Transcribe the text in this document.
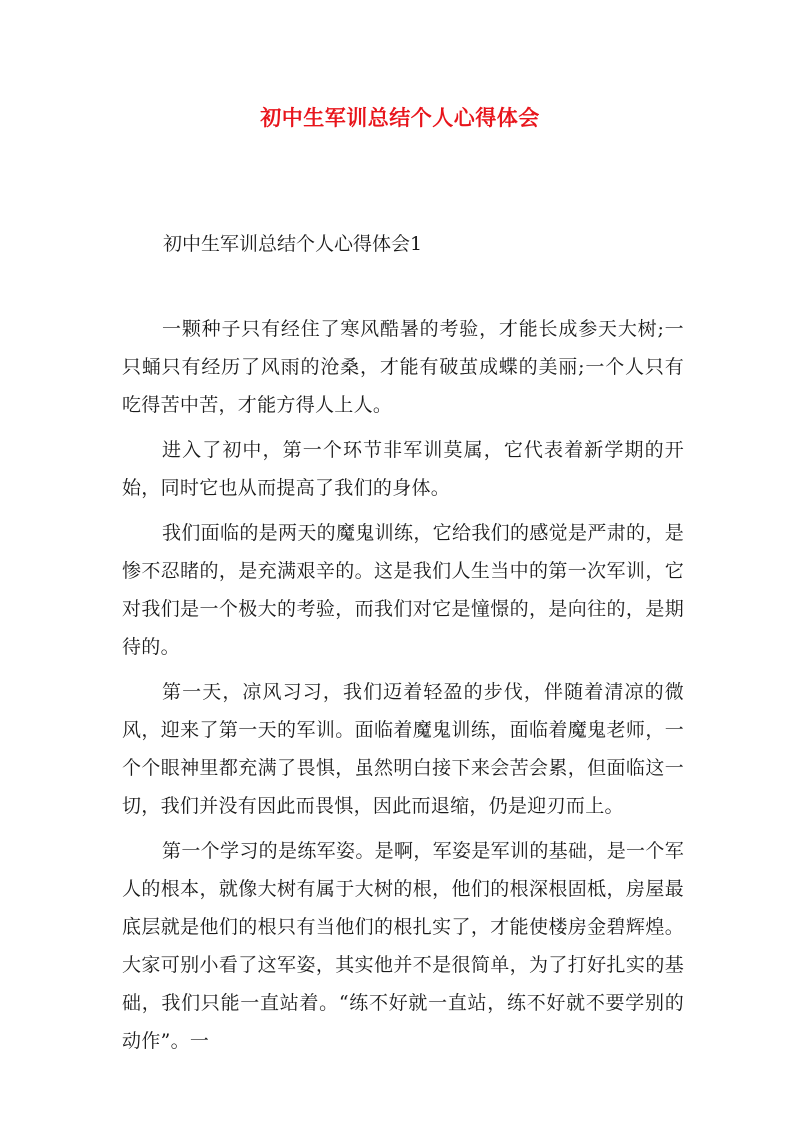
初中生军训总结个人心得体会
初中生军训总结个人心得体会1

一颗种子只有经住了寒风酷暑的考验，才能长成参天大树;一只蛹只有经历了风雨的沧桑，才能有破茧成蝶的美丽;一个人只有吃得苦中苦，才能方得人上人。

进入了初中，第一个环节非军训莫属，它代表着新学期的开始，同时它也从而提高了我们的身体。

我们面临的是两天的魔鬼训练，它给我们的感觉是严肃的，是惨不忍睹的，是充满艰辛的。这是我们人生当中的第一次军训，它对我们是一个极大的考验，而我们对它是憧憬的，是向往的，是期待的。

第一天，凉风习习，我们迈着轻盈的步伐，伴随着清凉的微风，迎来了第一天的军训。面临着魔鬼训练，面临着魔鬼老师，一个个眼神里都充满了畏惧，虽然明白接下来会苦会累，但面临这一切，我们并没有因此而畏惧，因此而退缩，仍是迎刃而上。

第一个学习的是练军姿。是啊，军姿是军训的基础，是一个军人的根本，就像大树有属于大树的根，他们的根深根固柢，房屋最底层就是他们的根只有当他们的根扎实了，才能使楼房金碧辉煌。大家可别小看了这军姿，其实他并不是很简单，为了打好扎实的基础，我们只能一直站着。“练不好就一直站，练不好就不要学别的动作”。一
